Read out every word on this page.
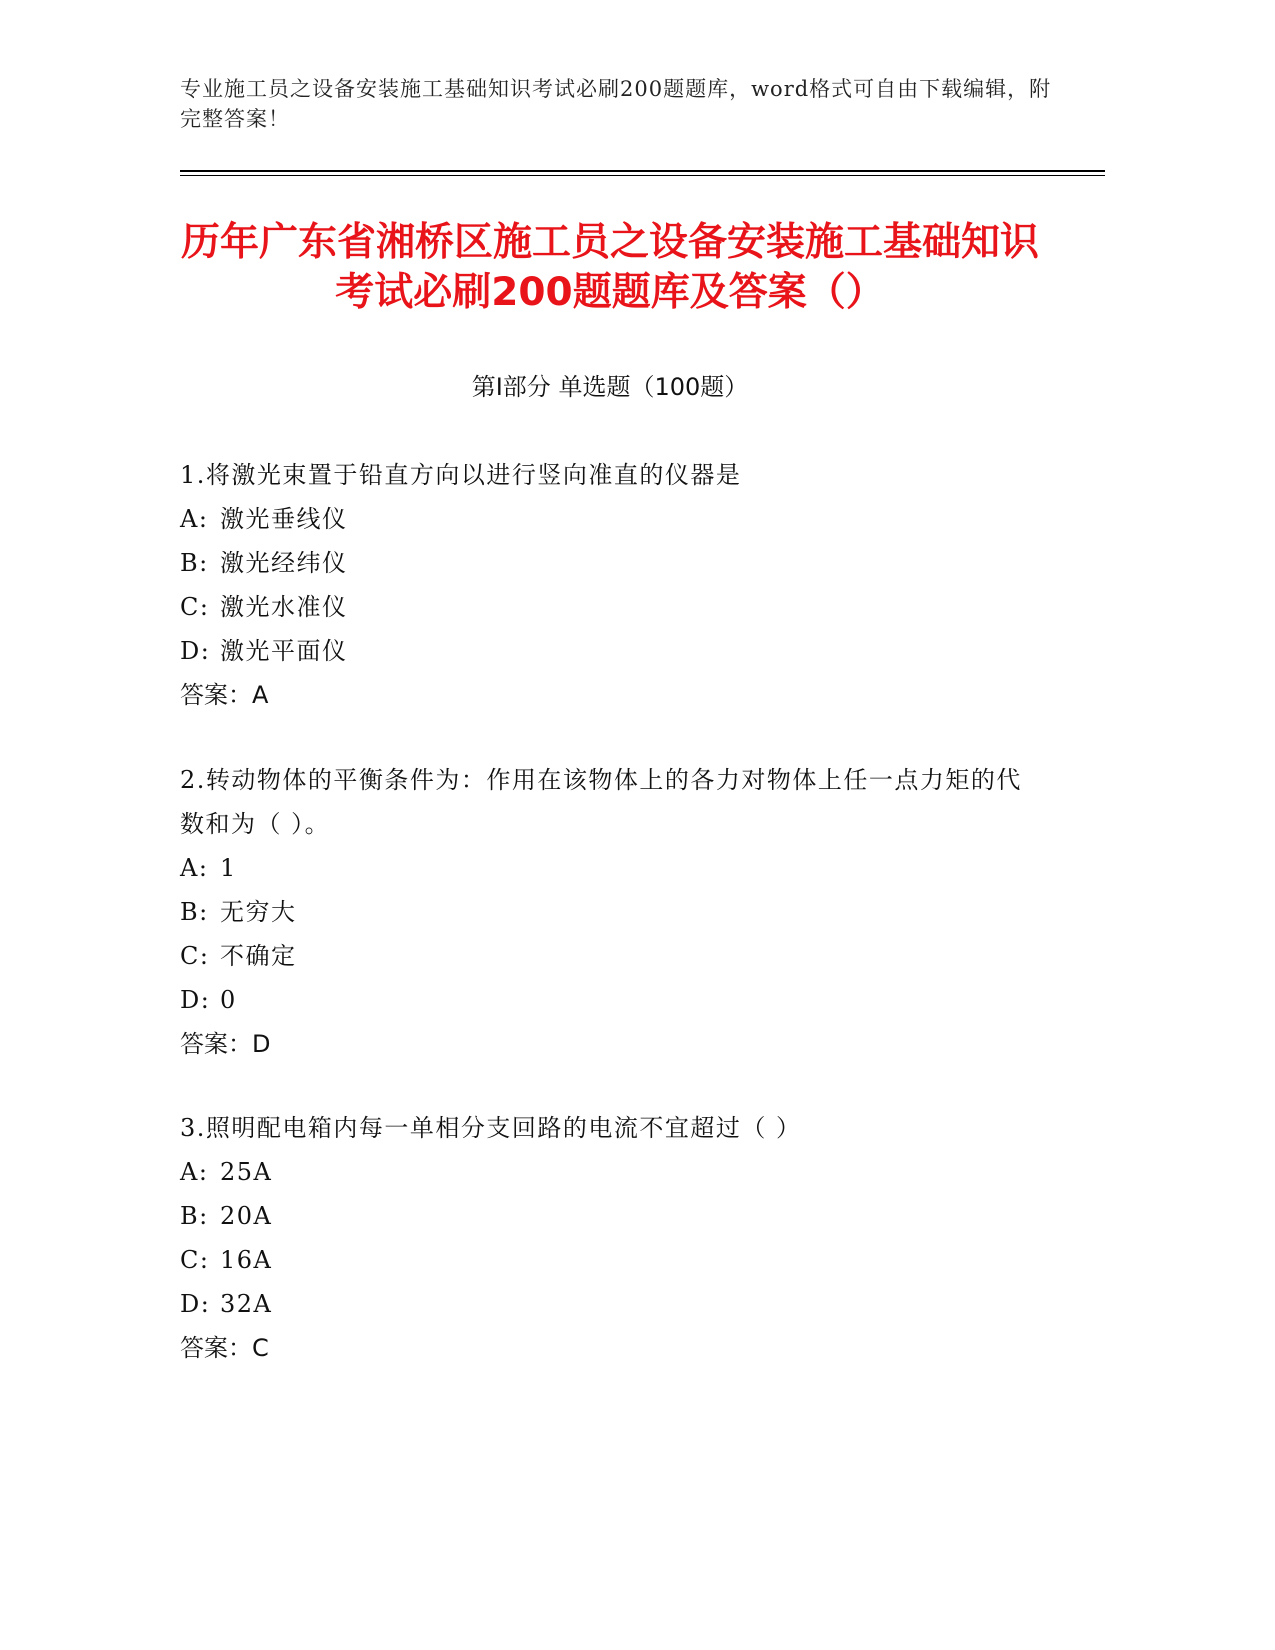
专业施工员之设备安装施工基础知识考试必刷200题题库，word格式可自由下载编辑，附完整答案！
历年广东省湘桥区施工员之设备安装施工基础知识考试必刷200题题库及答案（）
第I部分 单选题（100题）
1.将激光束置于铅直方向以进行竖向准直的仪器是
A: 激光垂线仪
B: 激光经纬仪
C: 激光水准仪
D: 激光平面仪
答案：A
2.转动物体的平衡条件为：作用在该物体上的各力对物体上任一点力矩的代数和为（ ）。
A: 1
B: 无穷大
C: 不确定
D: 0
答案：D
3.照明配电箱内每一单相分支回路的电流不宜超过（ ）
A: 25A
B: 20A
C: 16A
D: 32A
答案：C
